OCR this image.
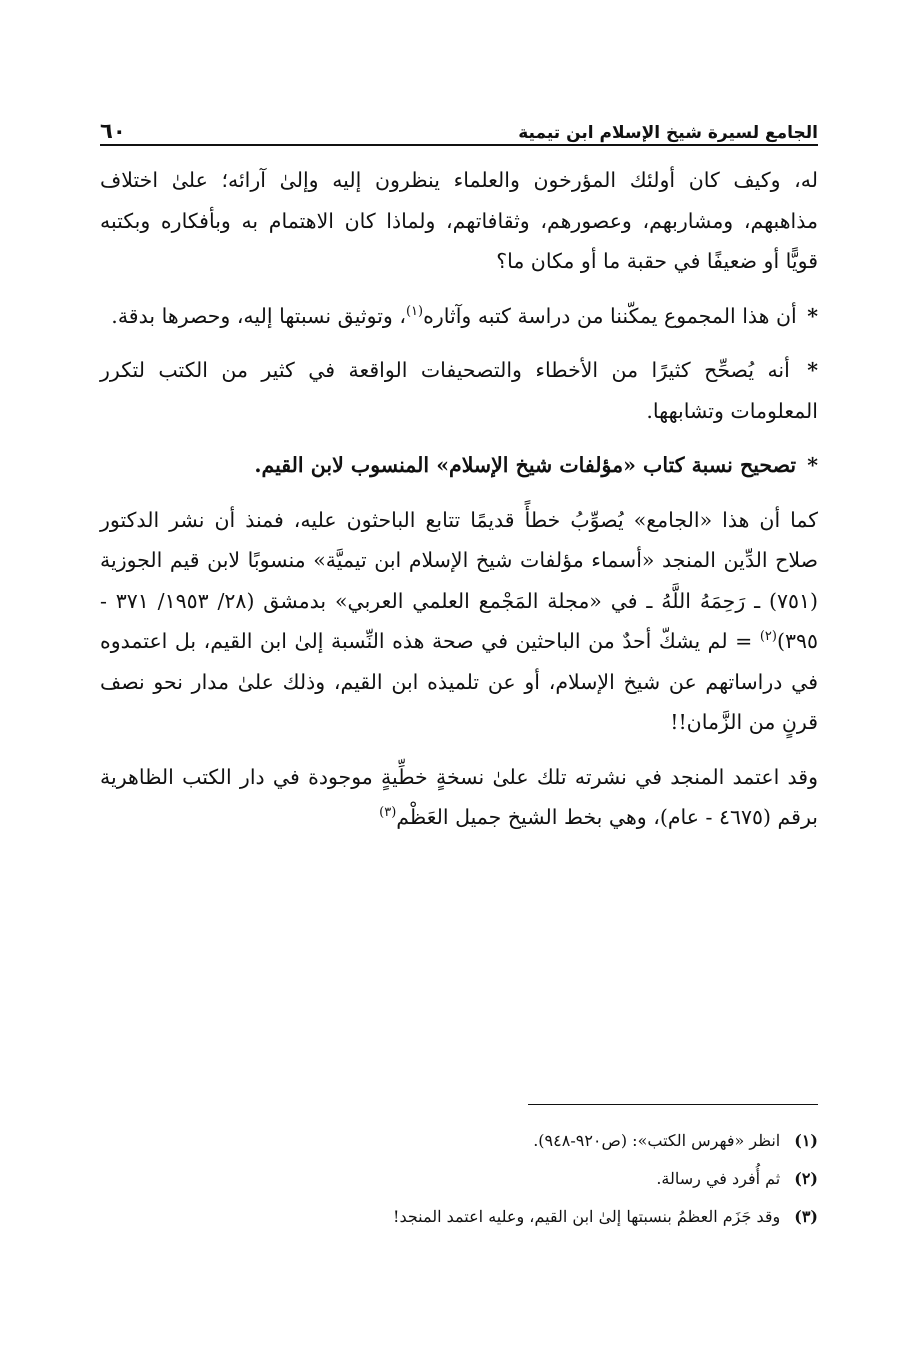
الجامع لسيرة شيخ الإسلام ابن تيمية
٦٠

له، وكيف كان أولئك المؤرخون والعلماء ينظرون إليه وإلىٰ آرائه؛ علىٰ اختلاف مذاهبهم، ومشاربهم، وعصورهم، وثقافاتهم، ولماذا كان الاهتمام به وبأفكاره وبكتبه قويًّا أو ضعيفًا في حقبة ما أو مكان ما؟

* أن هذا المجموع يمكّننا من دراسة كتبه وآثاره$^{(١)}$، وتوثيق نسبتها إليه، وحصرها بدقة.

* أنه يُصحِّح كثيرًا من الأخطاء والتصحيفات الواقعة في كثير من الكتب لتكرر المعلومات وتشابهها.

* تصحيح نسبة كتاب «مؤلفات شيخ الإسلام» المنسوب لابن القيم.

كما أن هذا «الجامع» يُصوِّبُ خطأً قديمًا تتابع الباحثون عليه، فمنذ أن نشر الدكتور صلاح الدِّين المنجد «أسماء مؤلفات شيخ الإسلام ابن تيميَّة» منسوبًا لابن قيم الجوزية (٧٥١) ـ رَحِمَهُ اللَّهُ ـ في «مجلة المَجْمع العلمي العربي» بدمشق (٢٨/ ١٩٥٣/ ٣٧١ - ٣٩٥)$^{(٢)}$ = لم يشكّ أحدٌ من الباحثين في صحة هذه النِّسبة إلىٰ ابن القيم، بل اعتمدوه في دراساتهم عن شيخ الإسلام، أو عن تلميذه ابن القيم، وذلك علىٰ مدار نحو نصف قرنٍ من الزَّمان!!

وقد اعتمد المنجد في نشرته تلك علىٰ نسخةٍ خطِّيةٍ موجودة في دار الكتب الظاهرية برقم (٤٦٧٥ - عام)، وهي بخط الشيخ جميل العَظْم$^{(٣)}$

(١)
انظر «فهرس الكتب»: (ص٩٢٠-٩٤٨).
(٢)
ثم أُفرد في رسالة.
(٣)
وقد جَزَم العظمُ بنسبتها إلىٰ ابن القيم، وعليه اعتمد المنجد!
